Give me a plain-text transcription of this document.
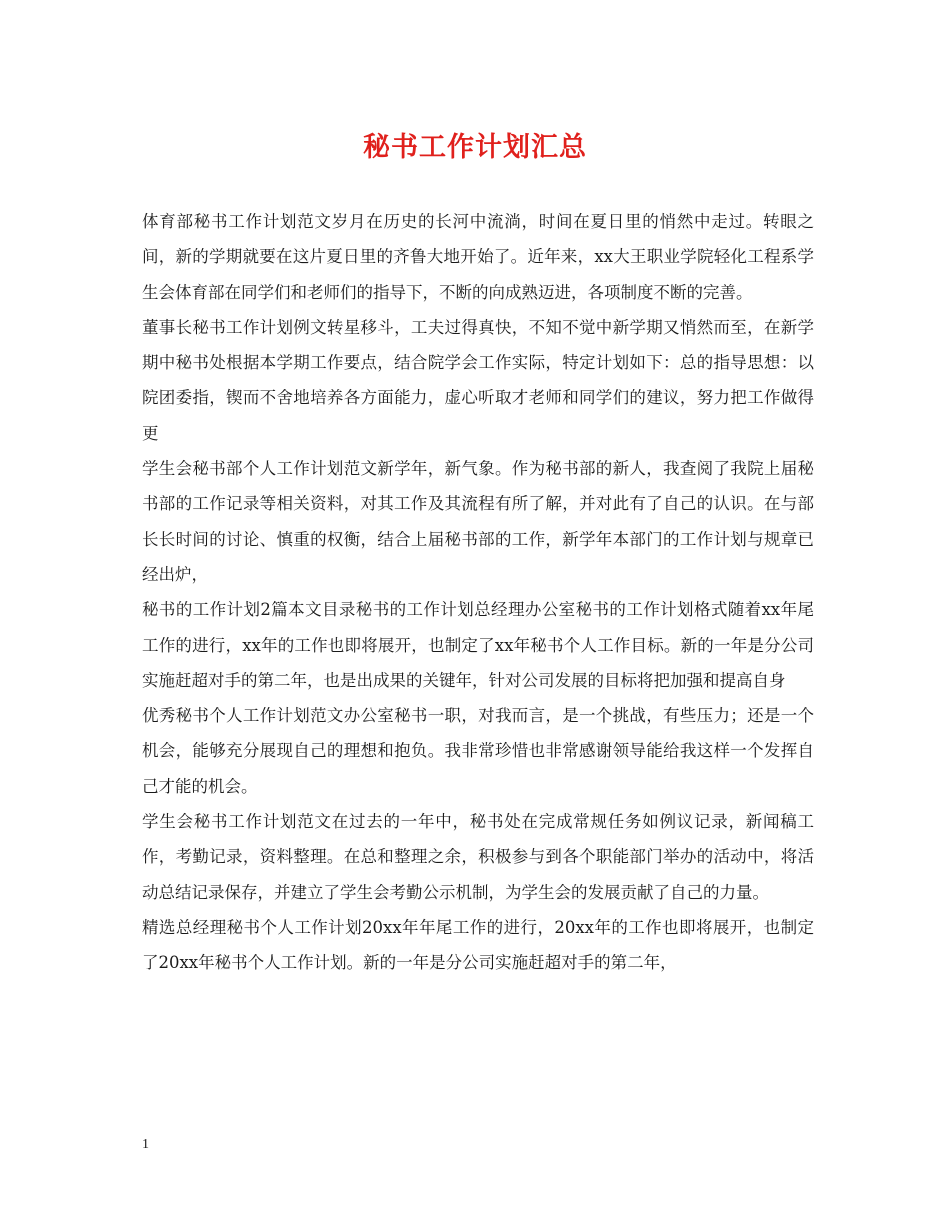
秘书工作计划汇总

体育部秘书工作计划范文岁月在历史的长河中流淌，时间在夏日里的悄然中走过。转眼之间，新的学期就要在这片夏日里的齐鲁大地开始了。近年来，xx大王职业学院轻化工程系学生会体育部在同学们和老师们的指导下，不断的向成熟迈进，各项制度不断的完善。

董事长秘书工作计划例文转星移斗，工夫过得真快，不知不觉中新学期又悄然而至，在新学期中秘书处根据本学期工作要点，结合院学会工作实际，特定计划如下：总的指导思想：以院团委指，锲而不舍地培养各方面能力，虚心听取才老师和同学们的建议，努力把工作做得更

学生会秘书部个人工作计划范文新学年，新气象。作为秘书部的新人，我查阅了我院上届秘书部的工作记录等相关资料，对其工作及其流程有所了解，并对此有了自己的认识。在与部长长时间的讨论、慎重的权衡，结合上届秘书部的工作，新学年本部门的工作计划与规章已经出炉，

秘书的工作计划2篇本文目录秘书的工作计划总经理办公室秘书的工作计划格式随着xx年尾工作的进行，xx年的工作也即将展开，也制定了xx年秘书个人工作目标。新的一年是分公司实施赶超对手的第二年，也是出成果的关键年，针对公司发展的目标将把加强和提高自身

优秀秘书个人工作计划范文办公室秘书一职，对我而言，是一个挑战，有些压力；还是一个机会，能够充分展现自己的理想和抱负。我非常珍惜也非常感谢领导能给我这样一个发挥自己才能的机会。

学生会秘书工作计划范文在过去的一年中，秘书处在完成常规任务如例议记录，新闻稿工作，考勤记录，资料整理。在总和整理之余，积极参与到各个职能部门举办的活动中，将活动总结记录保存，并建立了学生会考勤公示机制，为学生会的发展贡献了自己的力量。

精选总经理秘书个人工作计划20xx年年尾工作的进行，20xx年的工作也即将展开，也制定了20xx年秘书个人工作计划。新的一年是分公司实施赶超对手的第二年，

1
